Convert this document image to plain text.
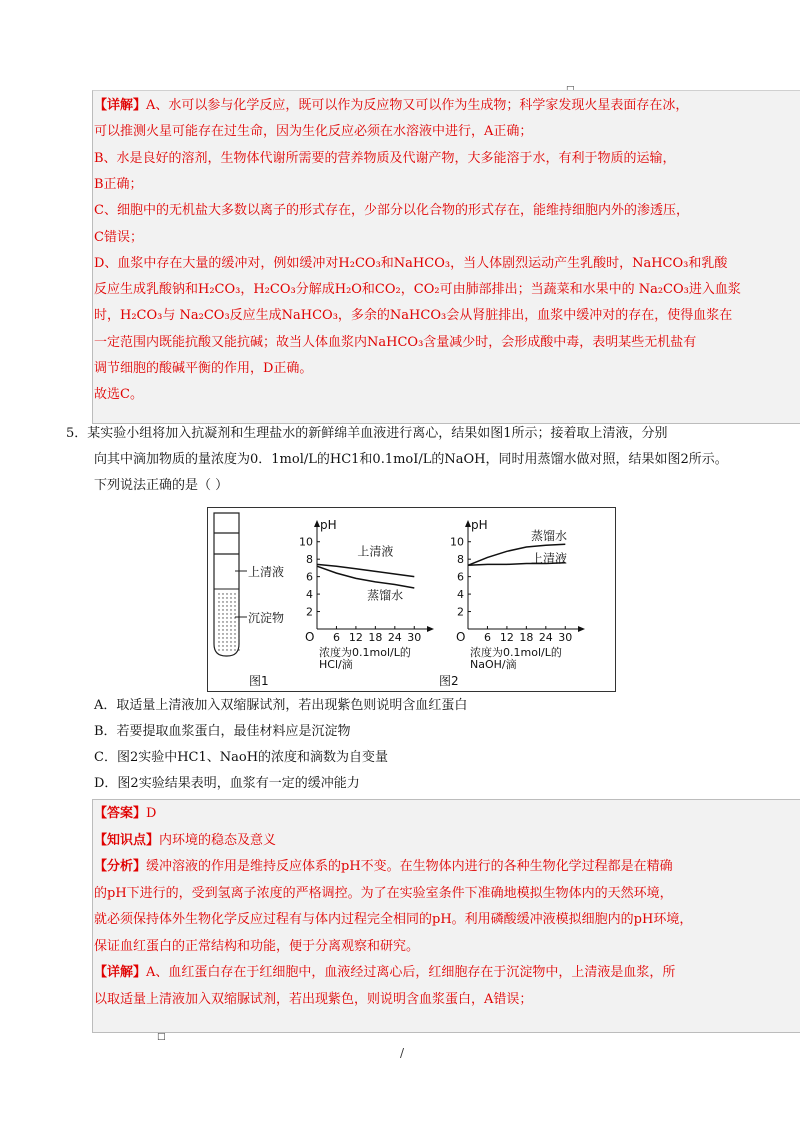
【详解】A、水可以参与化学反应，既可以作为反应物又可以作为生成物；科学家发现火星表面存在冰，
可以推测火星可能存在过生命，因为生化反应必须在水溶液中进行，A正确；
B、水是良好的溶剂，生物体代谢所需要的营养物质及代谢产物，大多能溶于水，有利于物质的运输，
B正确；
C、细胞中的无机盐大多数以离子的形式存在，少部分以化合物的形式存在，能维持细胞内外的渗透压，
C错误；
D、血浆中存在大量的缓冲对，例如缓冲对H₂CO₃和NaHCO₃，当人体剧烈运动产生乳酸时，NaHCO₃和乳酸
反应生成乳酸钠和H₂CO₃，H₂CO₃分解成H₂O和CO₂，CO₂可由肺部排出；当蔬菜和水果中的 Na₂CO₃进入血浆
时，H₂CO₃与 Na₂CO₃反应生成NaHCO₃，多余的NaHCO₃会从肾脏排出，血浆中缓冲对的存在，使得血浆在
一定范围内既能抗酸又能抗碱；故当人体血浆内NaHCO₃含量减少时，会形成酸中毒，表明某些无机盐有
调节细胞的酸碱平衡的作用，D正确。
故选C。
5．某实验小组将加入抗凝剂和生理盐水的新鲜绵羊血液进行离心，结果如图1所示；接着取上清液，分别
向其中滴加物质的量浓度为0．1mol/L的HC1和0.1moI/L的NaOH，同时用蒸馏水做对照，结果如图2所示。
下列说法正确的是（ ）
上清液
沉淀物
图1	图2
pH
O
2
4
6
8
10
6 12 18 24 30
浓度为0.1mol/L的
HCl/滴
上清液
蒸馏水
pH
O
2
4
6
8
10
6 12 18 24 30
浓度为0.1mol/L的
NaOH/滴
蒸馏水
上清液
A．取适量上清液加入双缩脲试剂，若出现紫色则说明含血红蛋白
B．若要提取血浆蛋白，最佳材料应是沉淀物
C．图2实验中HC1、NaoH的浓度和滴数为自变量
D．图2实验结果表明，血浆有一定的缓冲能力
【答案】D
【知识点】内环境的稳态及意义
【分析】缓冲溶液的作用是维持反应体系的pH不变。在生物体内进行的各种生物化学过程都是在精确
的pH下进行的，受到氢离子浓度的严格调控。为了在实验室条件下准确地模拟生物体内的天然环境，
就必须保持体外生物化学反应过程有与体内过程完全相同的pH。利用磷酸缓冲液模拟细胞内的pH环境，
保证血红蛋白的正常结构和功能，便于分离观察和研究。
【详解】A、血红蛋白存在于红细胞中，血液经过离心后，红细胞存在于沉淀物中，上清液是血浆，所
以取适量上清液加入双缩脲试剂，若出现紫色，则说明含血浆蛋白，A错误；
□
/
